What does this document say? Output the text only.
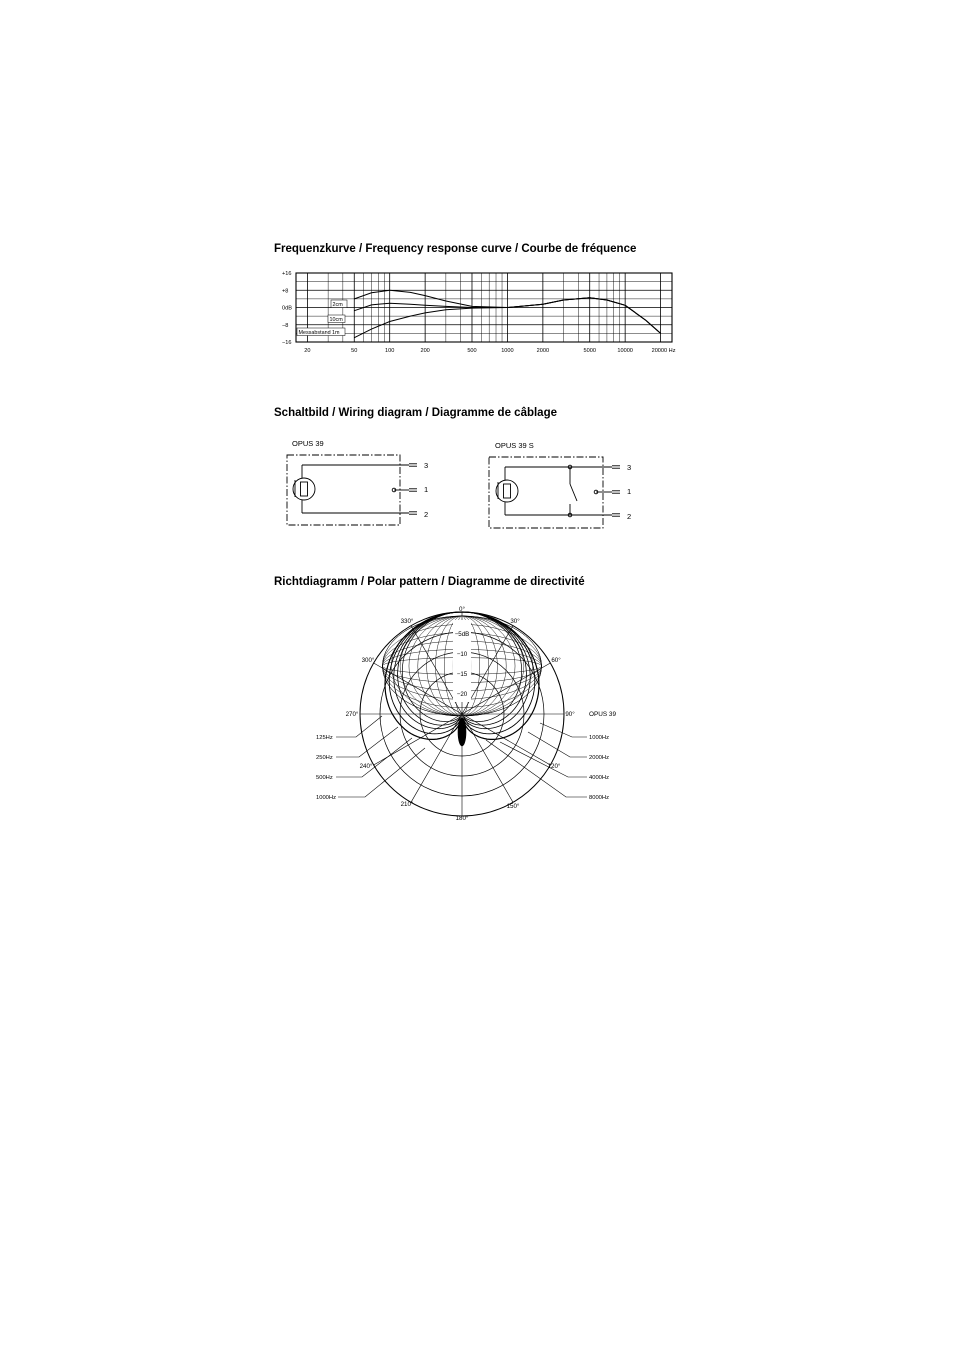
Frequenzkurve / Frequency response curve / Courbe de fréquence
Schaltbild / Wiring diagram / Diagramme de câblage
Richtdiagramm / Polar pattern / Diagramme de directivité
20	50	100	200	500	1000	2000	5000	10000	20000 Hz
+16
+8
0dB
−8
−16
2cm
10cm
Messabstand 1m
OPUS 39
3
1
2
OPUS 39 S
3
1
2
0°
30°
60°
90°
120°
150°
180°
210°
240°
270°
300°
330°
−5dB
−10
−15
−20
OPUS 39
125Hz
250Hz
500Hz
1000Hz
1000Hz
2000Hz
4000Hz
8000Hz
